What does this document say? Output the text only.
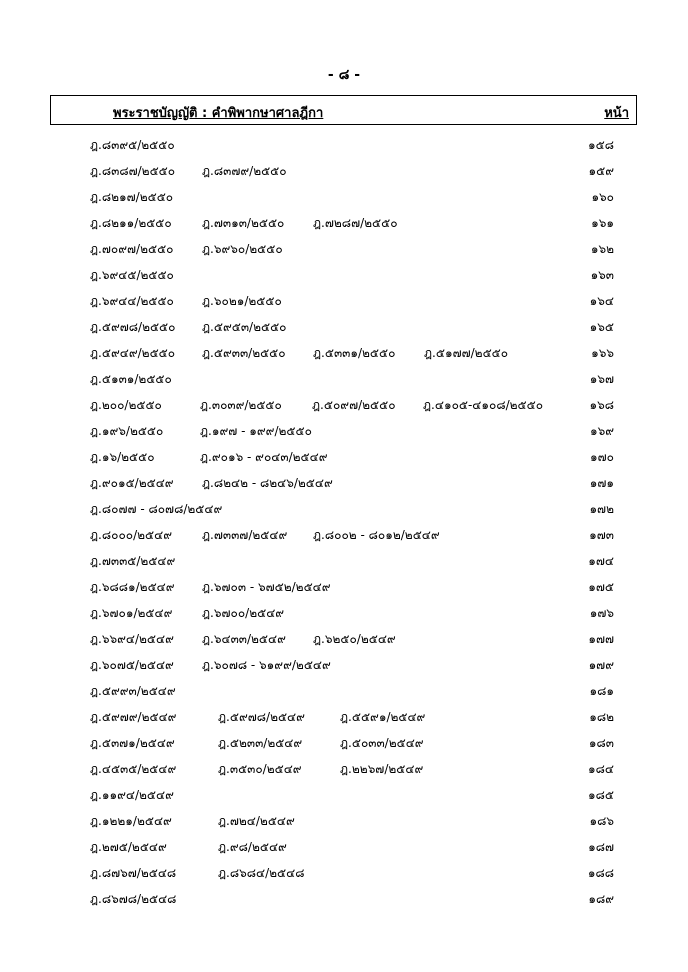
- ๘ -
พระราชบัญญัติ : คำพิพากษาศาลฎีกา	หน้า
ฎ.๘๓๙๕/๒๕๕๐	๑๕๘
ฎ.๘๓๘๗/๒๕๕๐ ฎ.๘๓๗๙/๒๕๕๐	๑๕๙
ฎ.๘๒๑๗/๒๕๕๐	๑๖๐
ฎ.๘๒๑๑/๒๕๕๐	ฎ.๗๓๑๓/๒๕๕๐ ฎ.๗๒๘๗/๒๕๕๐	๑๖๑
ฎ.๗๐๙๗/๒๕๕๐ ฎ.๖๙๖๐/๒๕๕๐	๑๖๒
ฎ.๖๙๔๕/๒๕๕๐	๑๖๓
ฎ.๖๙๔๔/๒๕๕๐ ฎ.๖๐๒๑/๒๕๕๐	๑๖๔
ฎ.๕๙๗๘/๒๕๕๐ ฎ.๕๙๕๓/๒๕๕๐	๑๖๕
ฎ.๕๙๔๙/๒๕๕๐ ฎ.๕๙๓๓/๒๕๕๐ ฎ.๕๓๓๑/๒๕๕๐ ฎ.๕๑๗๗/๒๕๕๐	๑๖๖
ฎ.๕๑๓๑/๒๕๕๐	๑๖๗
ฎ.๒๐๐/๒๕๕๐	ฎ.๓๐๓๙/๒๕๕๐	ฎ.๕๐๙๗/๒๕๕๐ ฎ.๔๑๐๕-๔๑๐๘/๒๕๕๐	๑๖๘
ฎ.๑๙๖/๒๕๕๐	ฎ.๑๙๗ - ๑๙๙/๒๕๕๐	๑๖๙
ฎ.๑๖/๒๕๕๐	ฎ.๙๐๑๖ - ๙๐๔๓/๒๕๔๙	๑๗๐
ฎ.๙๐๑๕/๒๕๔๙ ฎ.๘๒๔๒ - ๘๒๔๖/๒๕๔๙	๑๗๑
ฎ.๘๐๗๗ - ๘๐๗๘/๒๕๔๙	๑๗๒
ฎ.๘๐๐๐/๒๕๔๙ ฎ.๗๓๓๗/๒๕๔๙ ฎ.๘๐๐๒ - ๘๐๑๒/๒๕๔๙	๑๗๓
ฎ.๗๓๓๕/๒๕๔๙	๑๗๔
ฎ.๖๘๘๑/๒๕๔๙ ฎ.๖๗๐๓ - ๖๗๕๒/๒๕๔๙	๑๗๕
ฎ.๖๗๐๑/๒๕๔๙ ฎ.๖๗๐๐/๒๕๔๙	๑๗๖
ฎ.๖๖๙๔/๒๕๔๙ ฎ.๖๔๓๓/๒๕๔๙ ฎ.๖๒๕๐/๒๕๔๙	๑๗๗
ฎ.๖๐๗๕/๒๕๔๙ ฎ.๖๐๗๘ - ๖๑๙๙/๒๕๔๙	๑๗๙
ฎ.๕๙๙๓/๒๕๔๙	๑๘๑
ฎ.๕๙๗๙/๒๕๔๙	ฎ.๕๙๗๘/๒๕๔๙	ฎ.๕๕๙๑/๒๕๔๙	๑๘๒
ฎ.๕๓๗๑/๒๕๔๙	ฎ.๕๒๓๓/๒๕๔๙	ฎ.๕๐๓๓/๒๕๔๙	๑๘๓
ฎ.๔๕๓๕/๒๕๔๙	ฎ.๓๕๓๐/๒๕๔๙	ฎ.๒๒๖๗/๒๕๔๙	๑๘๔
ฎ.๑๑๙๔/๒๕๔๙	๑๘๕
ฎ.๑๒๒๑/๒๕๔๙	ฎ.๗๒๔/๒๕๔๙	๑๘๖
ฎ.๒๗๕/๒๕๔๙	ฎ.๙๘/๒๕๔๙	๑๘๗
ฎ.๘๗๖๗/๒๕๔๘	ฎ.๘๖๘๔/๒๕๔๘	๑๘๘
ฎ.๘๖๗๘/๒๕๔๘	๑๘๙
